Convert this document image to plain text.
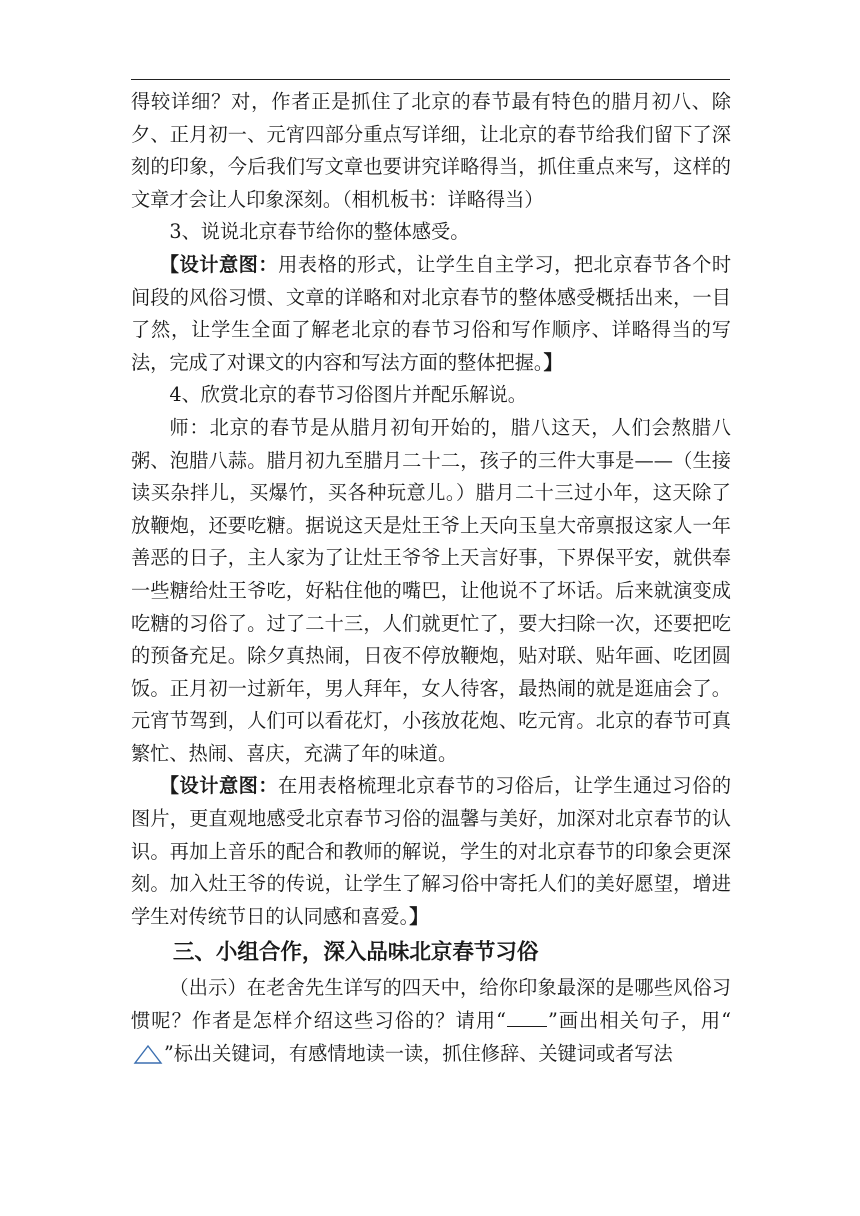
得较详细？对，作者正是抓住了北京的春节最有特色的腊月初八、除夕、正月初一、元宵四部分重点写详细，让北京的春节给我们留下了深刻的印象，今后我们写文章也要讲究详略得当，抓住重点来写，这样的文章才会让人印象深刻。（相机板书：详略得当）

3、说说北京春节给你的整体感受。

【设计意图：用表格的形式，让学生自主学习，把北京春节各个时间段的风俗习惯、文章的详略和对北京春节的整体感受概括出来，一目了然，让学生全面了解老北京的春节习俗和写作顺序、详略得当的写法，完成了对课文的内容和写法方面的整体把握。】

4、欣赏北京的春节习俗图片并配乐解说。

师：北京的春节是从腊月初旬开始的，腊八这天，人们会熬腊八粥、泡腊八蒜。腊月初九至腊月二十二，孩子的三件大事是——（生接读买杂拌儿，买爆竹，买各种玩意儿。）腊月二十三过小年，这天除了放鞭炮，还要吃糖。据说这天是灶王爷上天向玉皇大帝禀报这家人一年善恶的日子，主人家为了让灶王爷爷上天言好事，下界保平安，就供奉一些糖给灶王爷吃，好粘住他的嘴巴，让他说不了坏话。后来就演变成吃糖的习俗了。过了二十三，人们就更忙了，要大扫除一次，还要把吃的预备充足。除夕真热闹，日夜不停放鞭炮，贴对联、贴年画、吃团圆饭。正月初一过新年，男人拜年，女人待客，最热闹的就是逛庙会了。元宵节驾到，人们可以看花灯，小孩放花炮、吃元宵。北京的春节可真繁忙、热闹、喜庆，充满了年的味道。

【设计意图：在用表格梳理北京春节的习俗后，让学生通过习俗的图片，更直观地感受北京春节习俗的温馨与美好，加深对北京春节的认识。再加上音乐的配合和教师的解说，学生的对北京春节的印象会更深刻。加入灶王爷的传说，让学生了解习俗中寄托人们的美好愿望，增进学生对传统节日的认同感和喜爱。】

三、小组合作，深入品味北京春节习俗

（出示）在老舍先生详写的四天中，给你印象最深的是哪些风俗习惯呢？作者是怎样介绍这些习俗的？请用“ ”画出相关句子，用“
”标出关键词，有感情地读一读，抓住修辞、关键词或者写法
